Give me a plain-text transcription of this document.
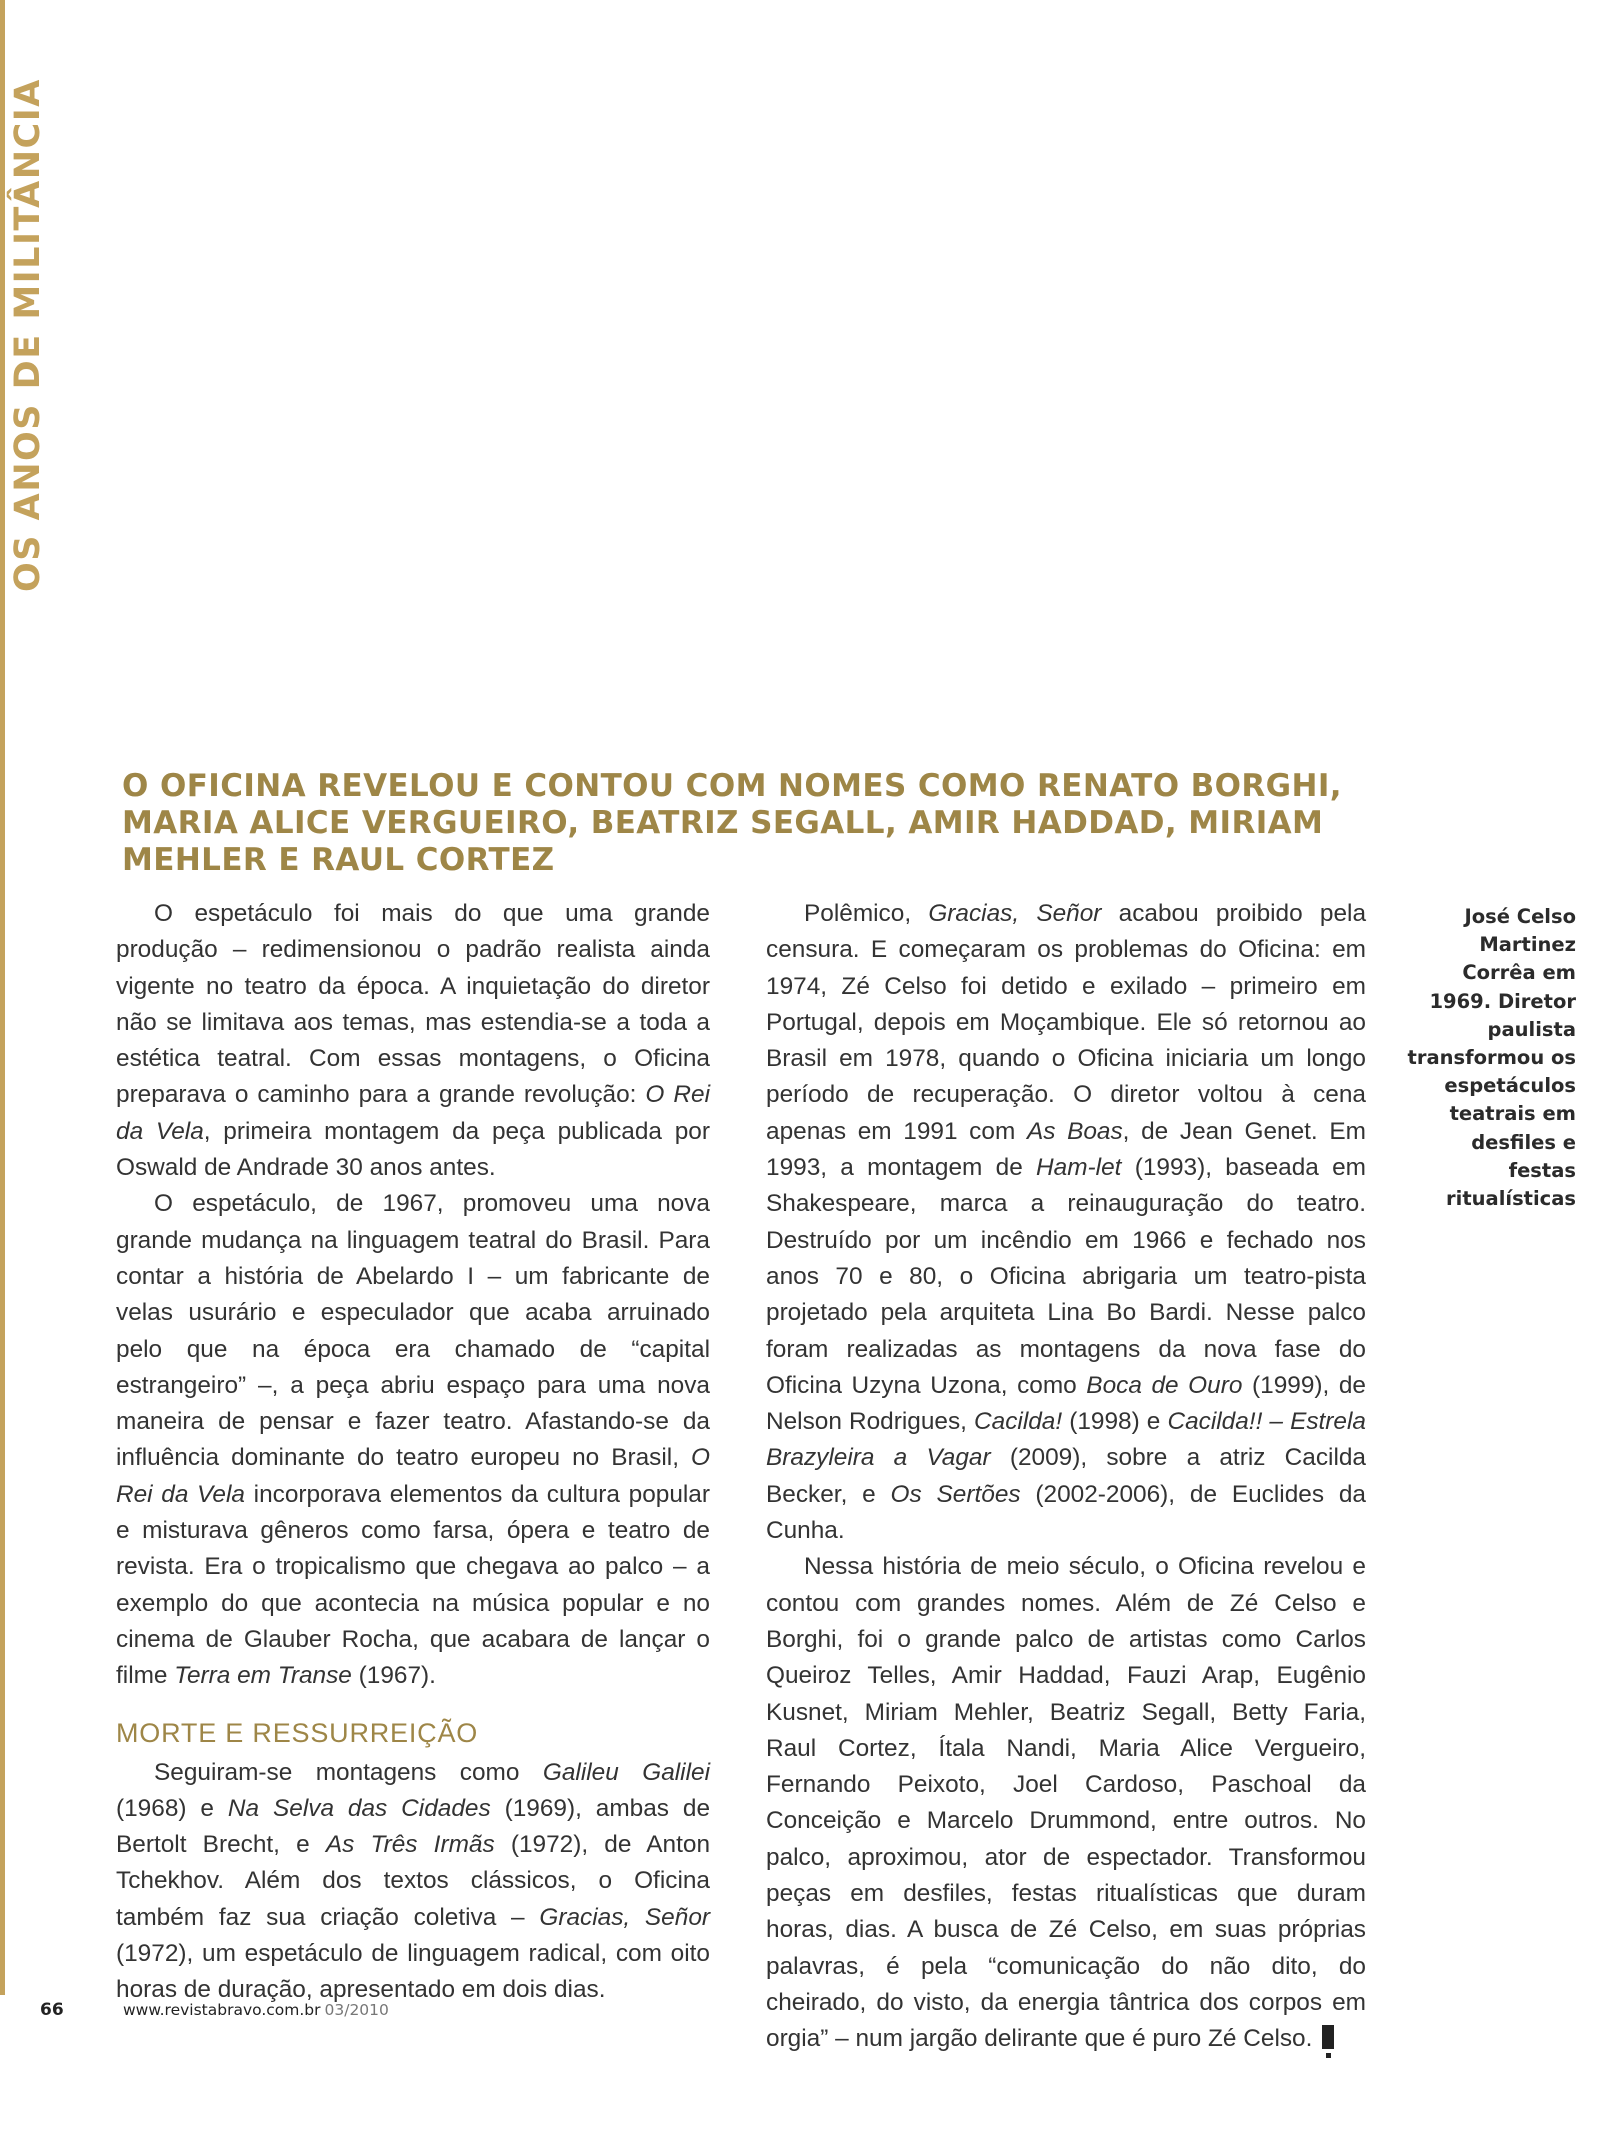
OS ANOS DE MILITÂNCIA
O OFICINA REVELOU E CONTOU COM NOMES COMO RENATO BORGHI, MARIA ALICE VERGUEIRO, BEATRIZ SEGALL, AMIR HADDAD, MIRIAM MEHLER E RAUL CORTEZ

O espetáculo foi mais do que uma grande produção – redimensionou o padrão realista ainda vigente no teatro da época. A inquietação do diretor não se limitava aos temas, mas estendia-se a toda a estética teatral. Com essas montagens, o Oficina preparava o caminho para a grande revolução: O Rei da Vela, primeira montagem da peça publicada por Oswald de Andrade 30 anos antes.

O espetáculo, de 1967, promoveu uma nova grande mudança na linguagem teatral do Brasil. Para contar a história de Abelardo I – um fabricante de velas usurário e especulador que acaba arruinado pelo que na época era chamado de “capital estrangeiro” –, a peça abriu espaço para uma nova maneira de pensar e fazer teatro. Afastando-se da influência dominante do teatro europeu no Brasil, O Rei da Vela incorporava elementos da cultura popular e misturava gêneros como farsa, ópera e teatro de revista. Era o tropicalismo que chegava ao palco – a exemplo do que acontecia na música popular e no cinema de Glauber Rocha, que acabara de lançar o filme Terra em Transe (1967).

MORTE E RESSURREIÇÃO

Seguiram-se montagens como Galileu Galilei (1968) e Na Selva das Cidades (1969), ambas de Bertolt Brecht, e As Três Irmãs (1972), de Anton Tchekhov. Além dos textos clássicos, o Oficina também faz sua criação coletiva – Gracias, Señor (1972), um espetáculo de linguagem radical, com oito horas de duração, apresentado em dois dias.

Polêmico, Gracias, Señor acabou proibido pela censura. E começaram os problemas do Oficina: em 1974, Zé Celso foi detido e exilado – primeiro em Portugal, depois em Moçambique. Ele só retornou ao Brasil em 1978, quando o Oficina iniciaria um longo período de recuperação. O diretor voltou à cena apenas em 1991 com As Boas, de Jean Genet. Em 1993, a montagem de Ham-let (1993), baseada em Shakespeare, marca a reinauguração do teatro. Destruído por um incêndio em 1966 e fechado nos anos 70 e 80, o Oficina abrigaria um teatro-pista projetado pela arquiteta Lina Bo Bardi. Nesse palco foram realizadas as montagens da nova fase do Oficina Uzyna Uzona, como Boca de Ouro (1999), de Nelson Rodrigues, Cacilda! (1998) e Cacilda!! – Estrela Brazyleira a Vagar (2009), sobre a atriz Cacilda Becker, e Os Sertões (2002-2006), de Euclides da Cunha.

Nessa história de meio século, o Oficina revelou e contou com grandes nomes. Além de Zé Celso e Borghi, foi o grande palco de artistas como Carlos Queiroz Telles, Amir Haddad, Fauzi Arap, Eugênio Kusnet, Miriam Mehler, Beatriz Segall, Betty Faria, Raul Cortez, Ítala Nandi, Maria Alice Vergueiro, Fernando Peixoto, Joel Cardoso, Paschoal da Conceição e Marcelo Drummond, entre outros. No palco, aproximou, ator de espectador. Transformou peças em desfiles, festas ritualísticas que duram horas, dias. A busca de Zé Celso, em suas próprias palavras, é pela “comunicação do não dito, do cheirado, do visto, da energia tântrica dos corpos em orgia” – num jargão delirante que é puro Zé Celso.

José Celso Martinez Corrêa em 1969. Diretor paulista transformou os espetáculos teatrais em desfiles e festas ritualísticas
66	www.revistabravo.com.br 03/2010
